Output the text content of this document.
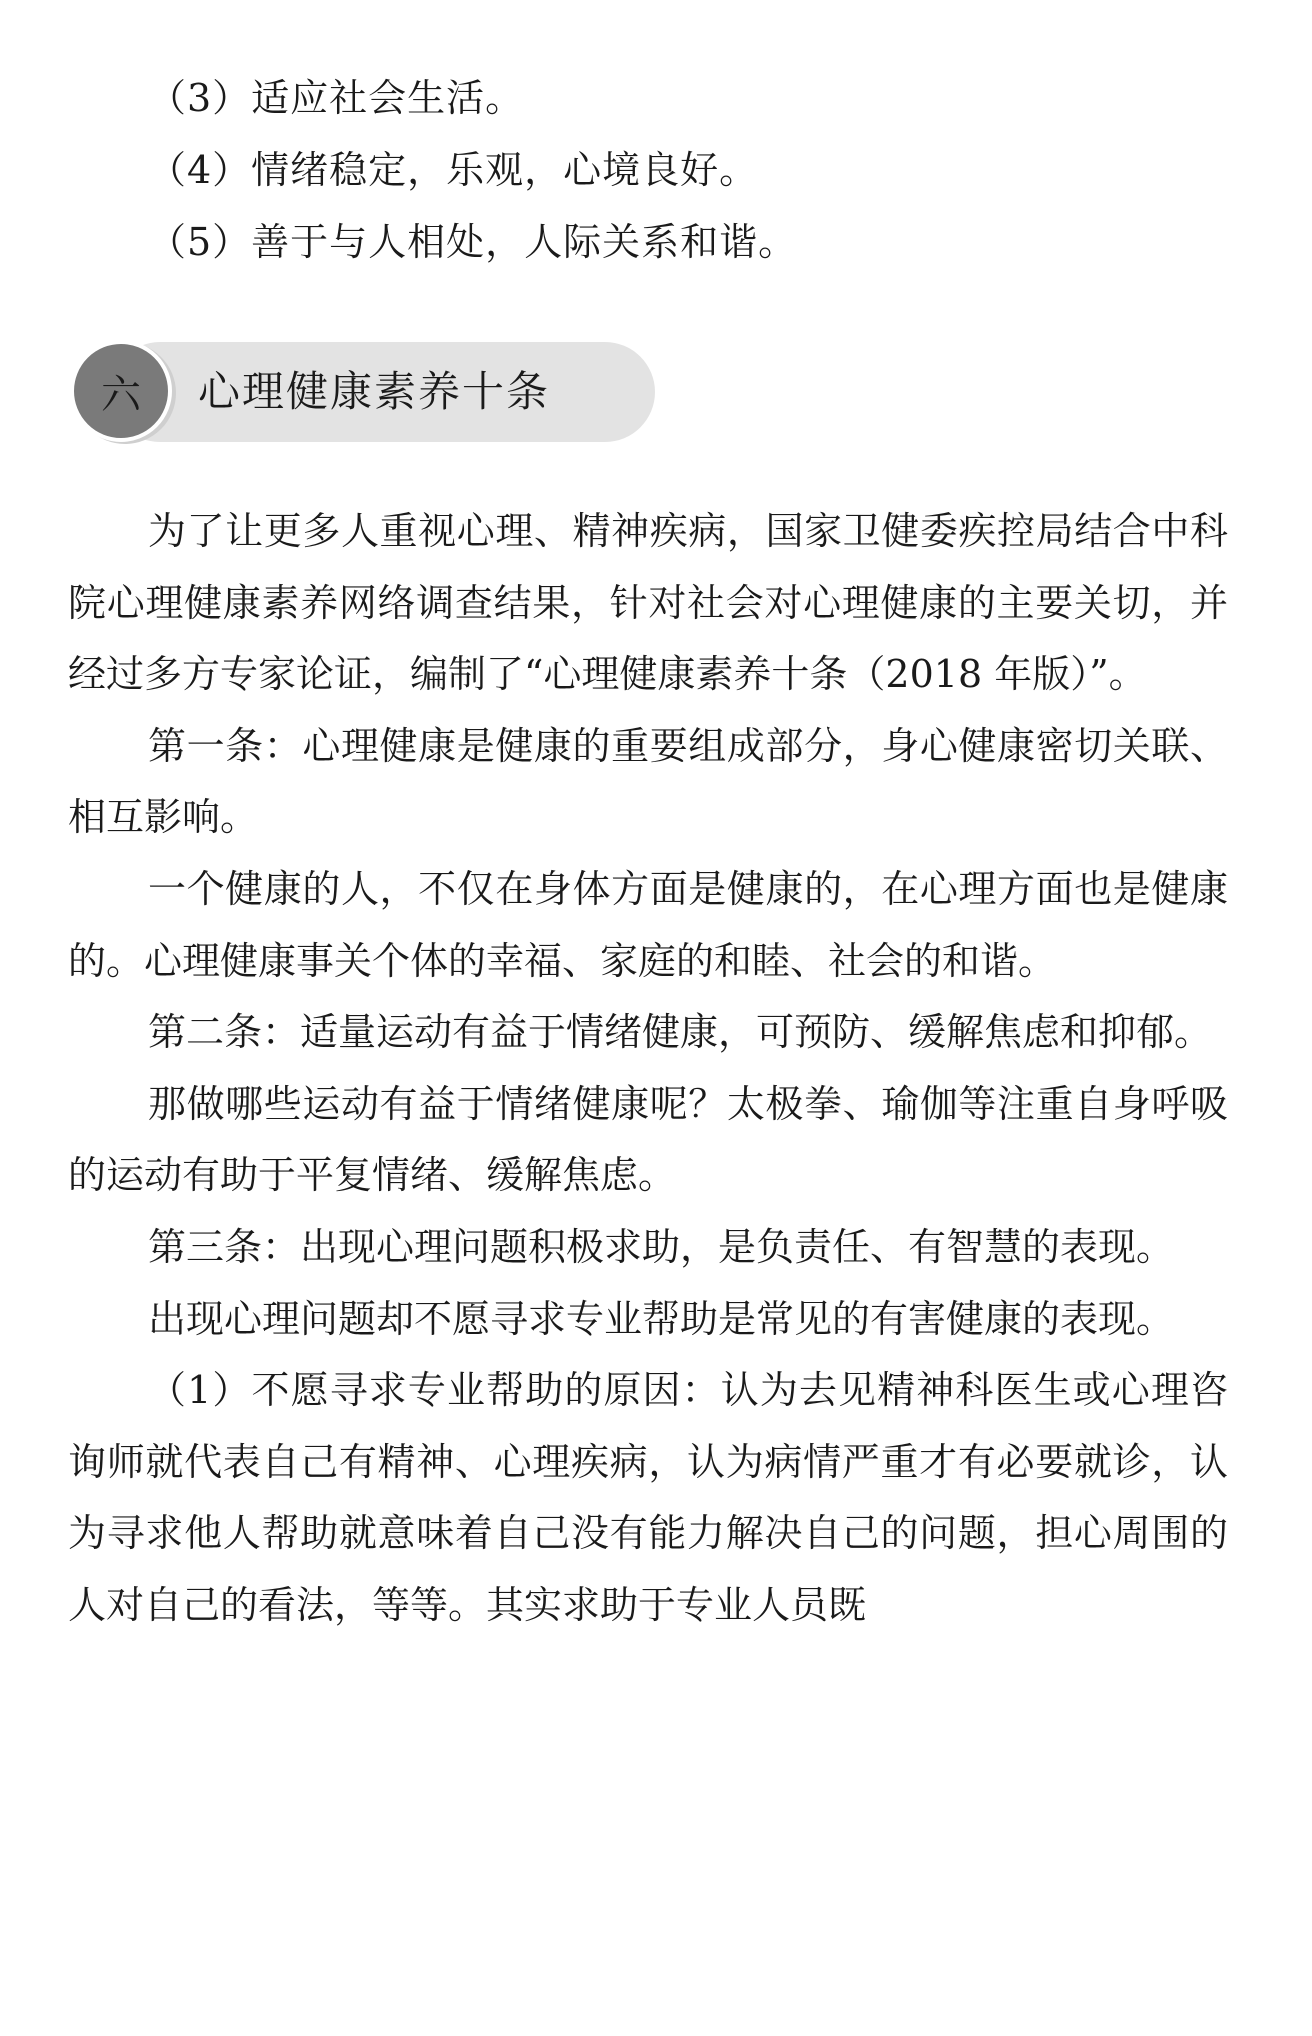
（3）适应社会生活。
（4）情绪稳定，乐观，心境良好。
（5）善于与人相处，人际关系和谐。
六	心理健康素养十条

为了让更多人重视心理、精神疾病，国家卫健委疾控局结合中科院心理健康素养网络调查结果，针对社会对心理健康的主要关切，并经过多方专家论证，编制了“心理健康素养十条（2018 年版）”。

第一条：心理健康是健康的重要组成部分，身心健康密切关联、相互影响。

一个健康的人，不仅在身体方面是健康的，在心理方面也是健康的。心理健康事关个体的幸福、家庭的和睦、社会的和谐。

第二条：适量运动有益于情绪健康，可预防、缓解焦虑和抑郁。

那做哪些运动有益于情绪健康呢？太极拳、瑜伽等注重自身呼吸的运动有助于平复情绪、缓解焦虑。

第三条：出现心理问题积极求助，是负责任、有智慧的表现。

出现心理问题却不愿寻求专业帮助是常见的有害健康的表现。

（1）不愿寻求专业帮助的原因：认为去见精神科医生或心理咨询师就代表自己有精神、心理疾病，认为病情严重才有必要就诊，认为寻求他人帮助就意味着自己没有能力解决自己的问题，担心周围的人对自己的看法，等等。其实求助于专业人员既
